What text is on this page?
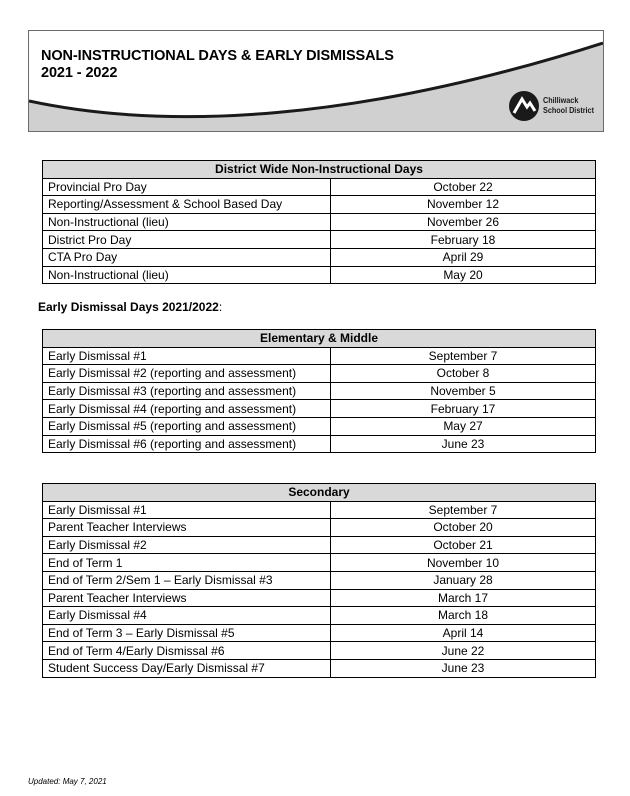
NON-INSTRUCTIONAL DAYS & EARLY DISMISSALS
2021 - 2022
Chilliwack
School District
District Wide Non-Instructional Days	
Provincial Pro Day	October 22
Reporting/Assessment & School Based Day	November 12
Non-Instructional (lieu)	November 26
District Pro Day	February 18
CTA Pro Day	April 29
Non-Instructional (lieu)	May 20
Early Dismissal Days 2021/2022:
Elementary & Middle	
Early Dismissal #1	September 7
Early Dismissal #2 (reporting and assessment)	October 8
Early Dismissal #3 (reporting and assessment)	November 5
Early Dismissal #4 (reporting and assessment)	February 17
Early Dismissal #5 (reporting and assessment)	May 27
Early Dismissal #6 (reporting and assessment)	June 23
Secondary	
Early Dismissal #1	September 7
Parent Teacher Interviews	October 20
Early Dismissal #2	October 21
End of Term 1	November 10
End of Term 2/Sem 1 – Early Dismissal #3	January 28
Parent Teacher Interviews	March 17
Early Dismissal #4	March 18
End of Term 3 – Early Dismissal #5	April 14
End of Term 4/Early Dismissal #6	June 22
Student Success Day/Early Dismissal #7	June 23
Updated: May 7, 2021
